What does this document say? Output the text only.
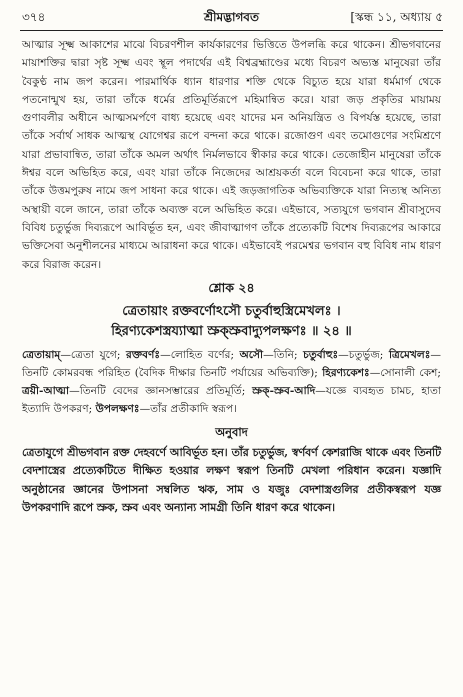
৩৭৪	শ্রীমদ্ভাগবত	[স্কন্ধ ১১, অধ্যায় ৫

আত্মার সূক্ষ্ম আকাশের মাঝে বিচরণশীল কার্যকারণের ভিত্তিতে উপলব্ধি করে থাকেন। শ্রীভগবানের মায়াশক্তির দ্বারা সৃষ্ট সূক্ষ্ম এবং স্থূল পদার্থের এই বিশ্বব্রহ্মাণ্ডের মধ্যে বিচরণ অভ্যস্ত মানুষেরা তাঁর বৈকুণ্ঠ নাম জপ করেন। পারমার্থিক ধ্যান ধারণার শক্তি থেকে বিচ্যুত হয়ে যারা ধর্মমার্গ থেকে পতনোন্মুখ হয়, তারা তাঁকে ধর্মের প্রতিমূর্তিরূপে মহিমান্বিত করে। যারা জড় প্রকৃতির মায়াময় গুণাবলীর অধীনে আত্মসমর্পণে বাধ্য হয়েছে এবং যাদের মন অনিয়ন্ত্রিত ও বিপর্যস্ত হয়েছে, তারা তাঁকে সর্বার্থ সাধক আত্মস্থ যোগেশ্বর রূপে বন্দনা করে থাকে। রজোগুণ এবং তমোগুণের সংমিশ্রণে যারা প্রভাবান্বিত, তারা তাঁকে অমল অর্থাৎ নির্মলভাবে স্বীকার করে থাকে। তেজোহীন মানুষেরা তাঁকে ঈশ্বর বলে অভিহিত করে, এবং যারা তাঁকে নিজেদের আশ্রয়কর্তা বলে বিবেচনা করে থাকে, তারা তাঁকে উত্তমপুরুষ নামে জপ সাধনা করে থাকে। এই জড়জাগতিক অভিব্যক্তিকে যারা নিত্যস্থ অনিত্য অস্থায়ী বলে জানে, তারা তাঁকে অব্যক্ত বলে অভিহিত করে। এইভাবে, সত্যযুগে ভগবান শ্রীবাসুদেব বিবিধ চতুর্ভুজ দিব্যরূপে আবির্ভূত হন, এবং জীবাত্মাগণ তাঁকে প্রত্যেকটি বিশেষ দিব্যরূপের আকারে ভক্তিসেবা অনুশীলনের মাধ্যমে আরাধনা করে থাকে। এইভাবেই পরমেশ্বর ভগবান বহু বিবিধ নাম ধারণ করে বিরাজ করেন।

শ্লোক ২৪

ত্রেতায়াং রক্তবর্ণোঽসৌ চতুর্বাহুস্ত্রিমেখলঃ ।

হিরণ্যকেশস্ত্রয্যাত্মা স্রুক্স্রুবাদ্যুপলক্ষণঃ ॥ ২৪ ॥

ত্রেতায়াম্—ত্রেতা যুগে; রক্তবর্ণঃ—লোহিত বর্ণের; অসৌ—তিনি; চতুর্বাহুঃ—চতুর্ভুজ; ত্রিমেখলঃ—তিনটি কোমরবন্ধ পরিহিত (বৈদিক দীক্ষার তিনটি পর্যায়ের অভিব্যক্তি); হিরণ্যকেশঃ—সোনালী কেশ; ত্রয়ী-আত্মা—তিনটি বেদের জ্ঞানসম্ভারের প্রতিমূর্তি; স্রুক্-স্রুব-আদি—যজ্ঞে ব্যবহৃত চামচ, হাতা ইত্যাদি উপকরণ; উপলক্ষণঃ—তাঁর প্রতীকাদি স্বরূপ।

অনুবাদ

ত্রেতাযুগে শ্রীভগবান রক্ত দেহবর্ণে আবির্ভূত হন। তাঁর চতুর্ভুজ, স্বর্ণবর্ণ কেশরাজি থাকে এবং তিনটি বেদশাস্ত্রের প্রত্যেকটিতে দীক্ষিত হওয়ার লক্ষণ স্বরূপ তিনটি মেখলা পরিধান করেন। যজ্ঞাদি অনুষ্ঠানের জ্ঞানের উপাসনা সম্বলিত ঋক, সাম ও যজুঃ বেদশাস্ত্রগুলির প্রতীকস্বরূপ যজ্ঞ উপকরণাদি রূপে স্রুক, স্রুব এবং অন্যান্য সামগ্রী তিনি ধারণ করে থাকেন।
